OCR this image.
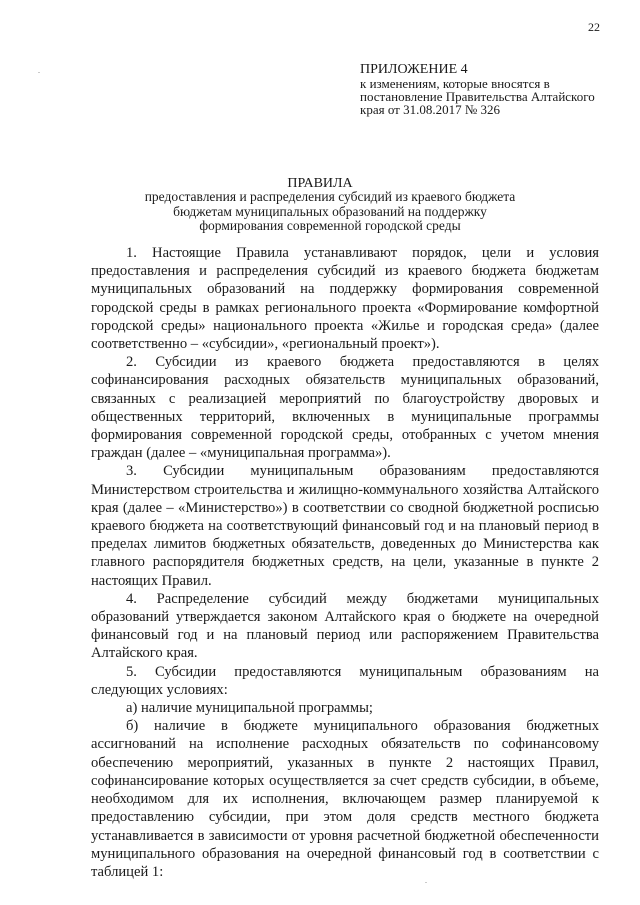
22
ПРИЛОЖЕНИЕ 4
к изменениям, которые вносятся в постановление Правительства Алтайского края от 31.08.2017 № 326
ПРАВИЛА
предоставления и распределения субсидий из краевого бюджета бюджетам муниципальных образований на поддержку формирования современной городской среды

1. Настоящие Правила устанавливают порядок, цели и условия предоставления и распределения субсидий из краевого бюджета бюджетам муниципальных образований на поддержку формирования современной городской среды в рамках регионального проекта «Формирование комфортной городской среды» национального проекта «Жилье и городская среда» (далее соответственно – «субсидии», «региональный проект»).

2. Субсидии из краевого бюджета предоставляются в целях софинансирования расходных обязательств муниципальных образований, связанных с реализацией мероприятий по благоустройству дворовых и общественных территорий, включенных в муниципальные программы формирования современной городской среды, отобранных с учетом мнения граждан (далее – «муниципальная программа»).

3. Субсидии муниципальным образованиям предоставляются Министерством строительства и жилищно-коммунального хозяйства Алтайского края (далее – «Министерство») в соответствии со сводной бюджетной росписью краевого бюджета на соответствующий финансовый год и на плановый период в пределах лимитов бюджетных обязательств, доведенных до Министерства как главного распорядителя бюджетных средств, на цели, указанные в пункте 2 настоящих Правил.

4. Распределение субсидий между бюджетами муниципальных образований утверждается законом Алтайского края о бюджете на очередной финансовый год и на плановый период или распоряжением Правительства Алтайского края.

5. Субсидии предоставляются муниципальным образованиям на следующих условиях:

а) наличие муниципальной программы;

б) наличие в бюджете муниципального образования бюджетных ассигнований на исполнение расходных обязательств по софинансовому обеспечению мероприятий, указанных в пункте 2 настоящих Правил, софинансирование которых осуществляется за счет средств субсидии, в объеме, необходимом для их исполнения, включающем размер планируемой к предоставлению субсидии, при этом доля средств местного бюджета устанавливается в зависимости от уровня расчетной бюджетной обеспеченности муниципального образования на очередной финансовый год в соответствии с таблицей 1:

.
.
